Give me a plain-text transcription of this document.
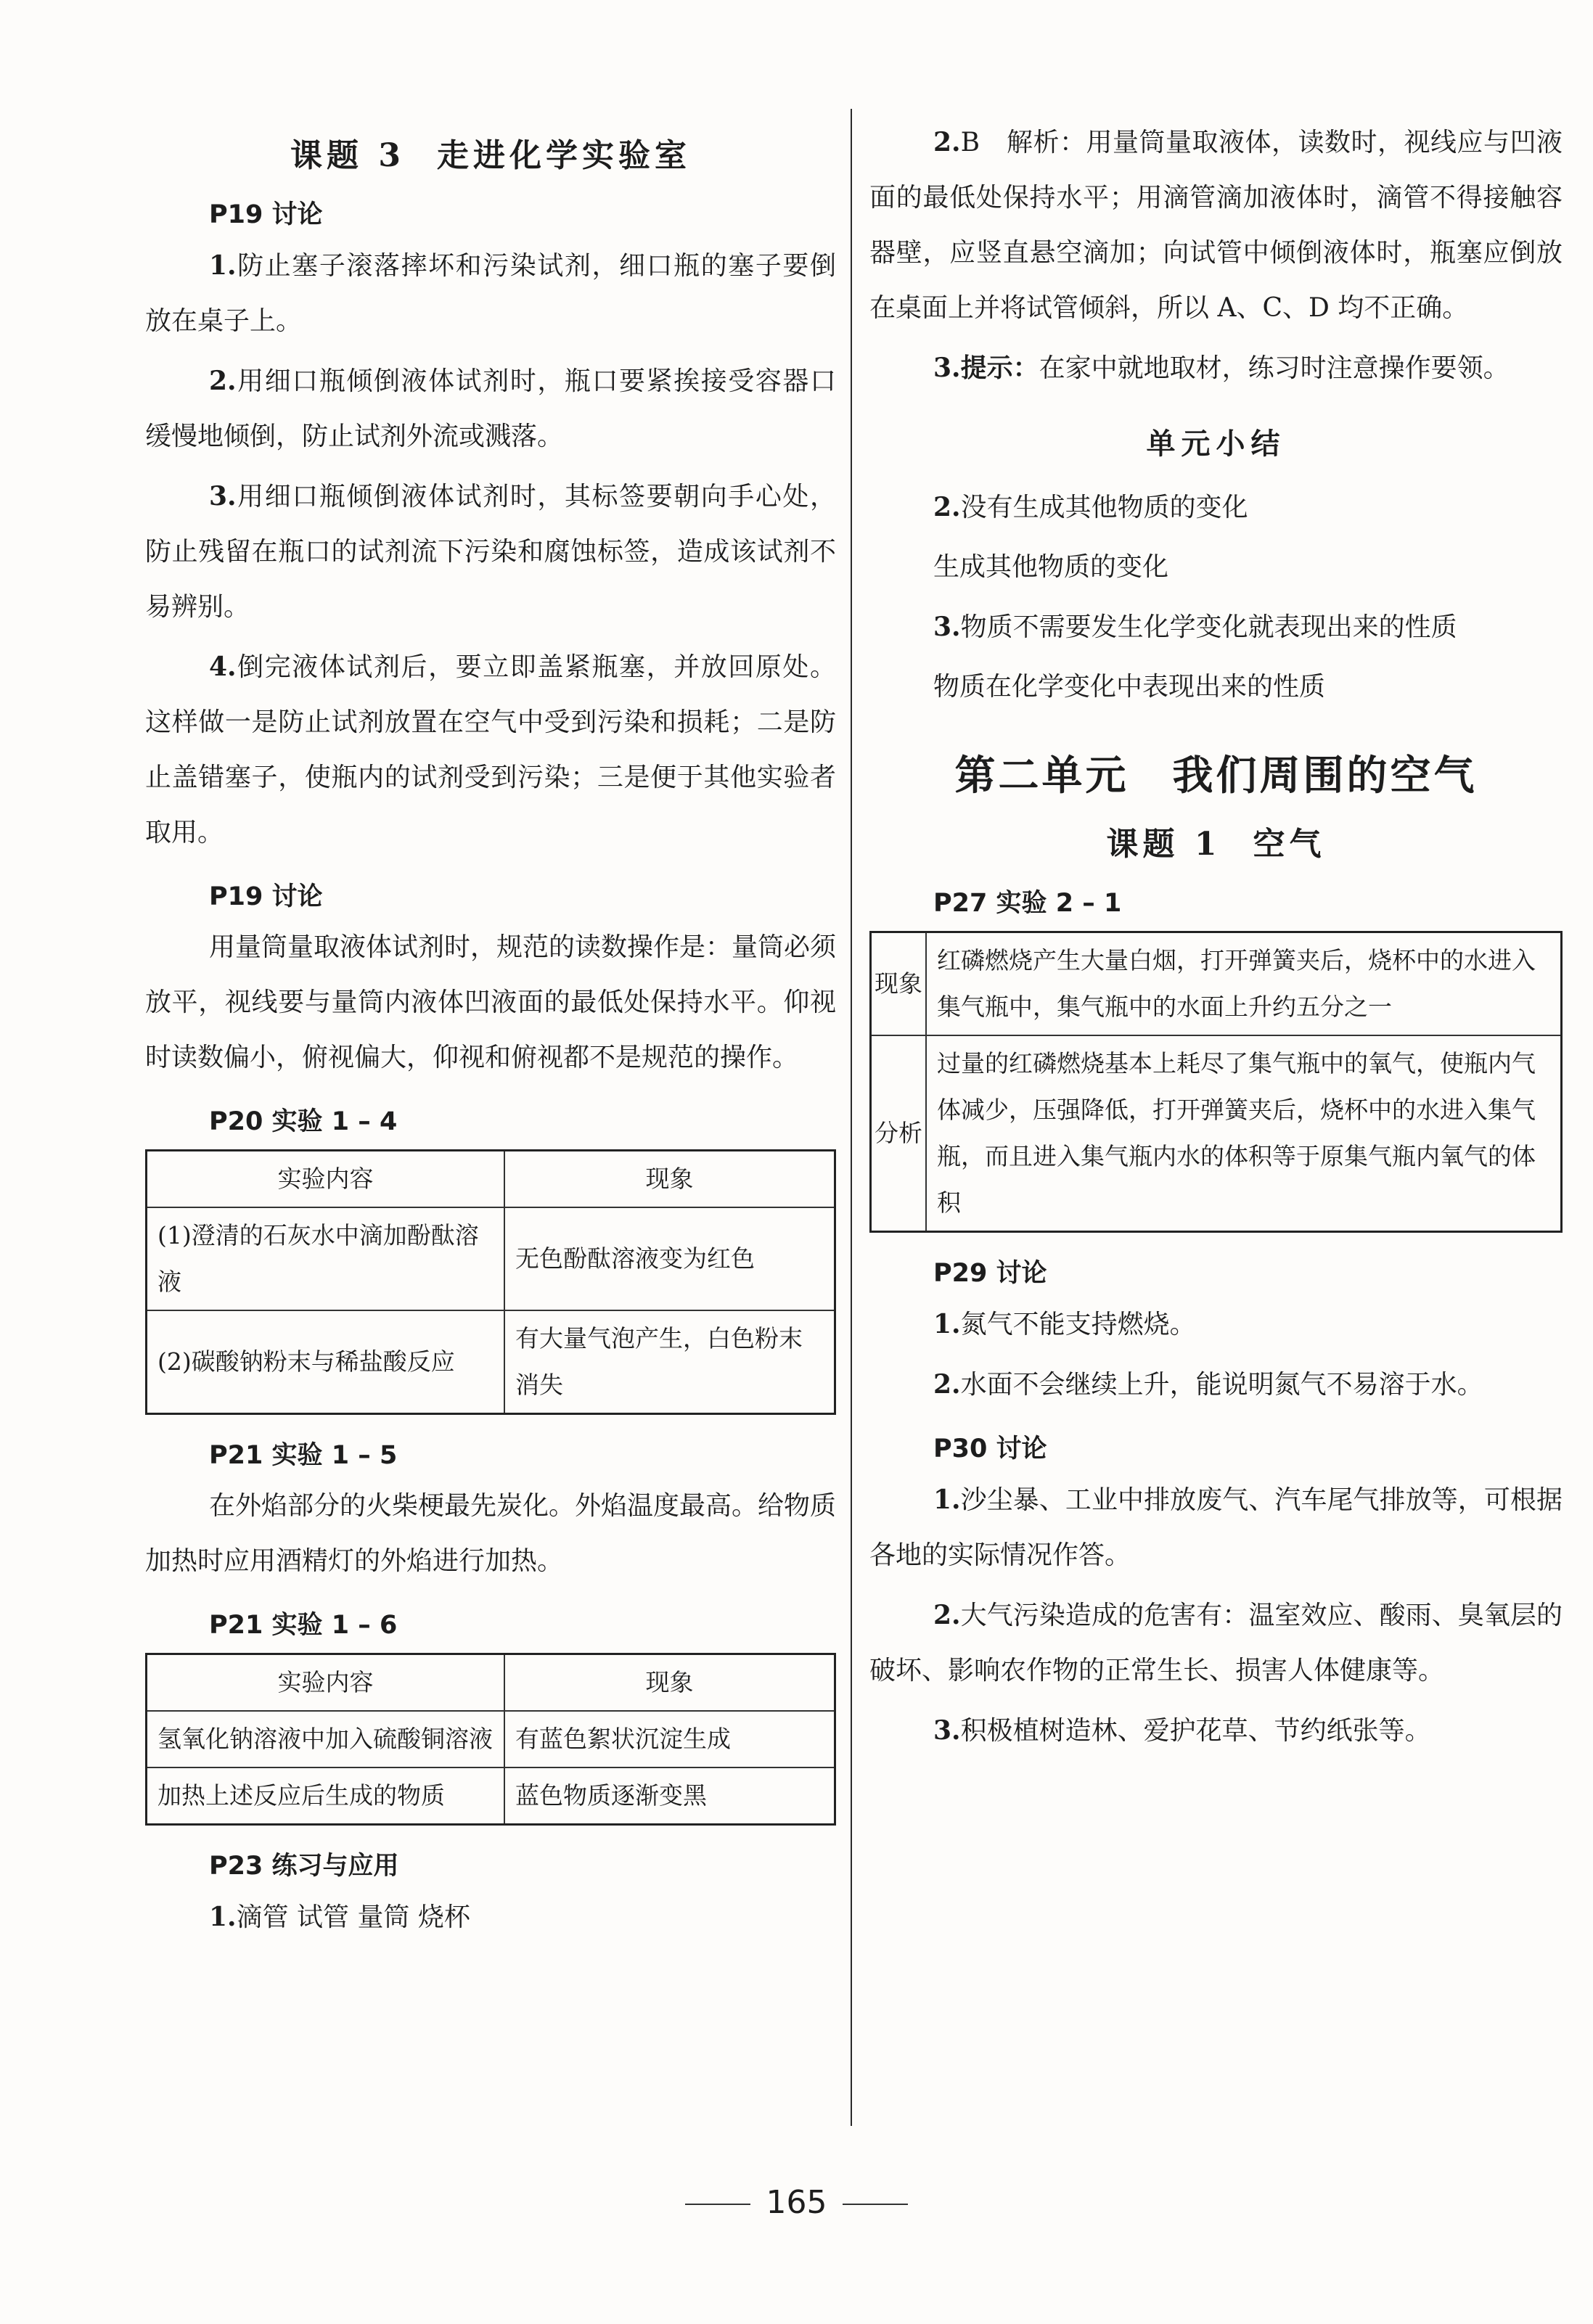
课题 3 走进化学实验室
P19 讨论

1.防止塞子滚落摔坏和污染试剂，细口瓶的塞子要倒放在桌子上。

2.用细口瓶倾倒液体试剂时，瓶口要紧挨接受容器口缓慢地倾倒，防止试剂外流或溅落。

3.用细口瓶倾倒液体试剂时，其标签要朝向手心处，防止残留在瓶口的试剂流下污染和腐蚀标签，造成该试剂不易辨别。

4.倒完液体试剂后，要立即盖紧瓶塞，并放回原处。这样做一是防止试剂放置在空气中受到污染和损耗；二是防止盖错塞子，使瓶内的试剂受到污染；三是便于其他实验者取用。

P19 讨论

用量筒量取液体试剂时，规范的读数操作是：量筒必须放平，视线要与量筒内液体凹液面的最低处保持水平。仰视时读数偏小，俯视偏大，仰视和俯视都不是规范的操作。

P20 实验 1 – 4
实验内容	现象
(1)澄清的石灰水中滴加酚酞溶液	无色酚酞溶液变为红色
(2)碳酸钠粉末与稀盐酸反应	有大量气泡产生，白色粉末消失
P21 实验 1 – 5

在外焰部分的火柴梗最先炭化。外焰温度最高。给物质加热时应用酒精灯的外焰进行加热。

P21 实验 1 – 6
实验内容	现象
氢氧化钠溶液中加入硫酸铜溶液	有蓝色絮状沉淀生成
加热上述反应后生成的物质	蓝色物质逐渐变黑
P23 练习与应用

1.滴管 试管 量筒 烧杯

2.B　解析：用量筒量取液体，读数时，视线应与凹液面的最低处保持水平；用滴管滴加液体时，滴管不得接触容器壁，应竖直悬空滴加；向试管中倾倒液体时，瓶塞应倒放在桌面上并将试管倾斜，所以 A、C、D 均不正确。

3.提示：在家中就地取材，练习时注意操作要领。

单元小结

2.没有生成其他物质的变化

生成其他物质的变化

3.物质不需要发生化学变化就表现出来的性质

物质在化学变化中表现出来的性质

第二单元 我们周围的空气
课题 1 空气
P27 实验 2 – 1
现象	红磷燃烧产生大量白烟，打开弹簧夹后，烧杯中的水进入集气瓶中，集气瓶中的水面上升约五分之一
分析	过量的红磷燃烧基本上耗尽了集气瓶中的氧气，使瓶内气体减少，压强降低，打开弹簧夹后，烧杯中的水进入集气瓶，而且进入集气瓶内水的体积等于原集气瓶内氧气的体积
P29 讨论

1.氮气不能支持燃烧。

2.水面不会继续上升，能说明氮气不易溶于水。

P30 讨论

1.沙尘暴、工业中排放废气、汽车尾气排放等，可根据各地的实际情况作答。

2.大气污染造成的危害有：温室效应、酸雨、臭氧层的破坏、影响农作物的正常生长、损害人体健康等。

3.积极植树造林、爱护花草、节约纸张等。

165
